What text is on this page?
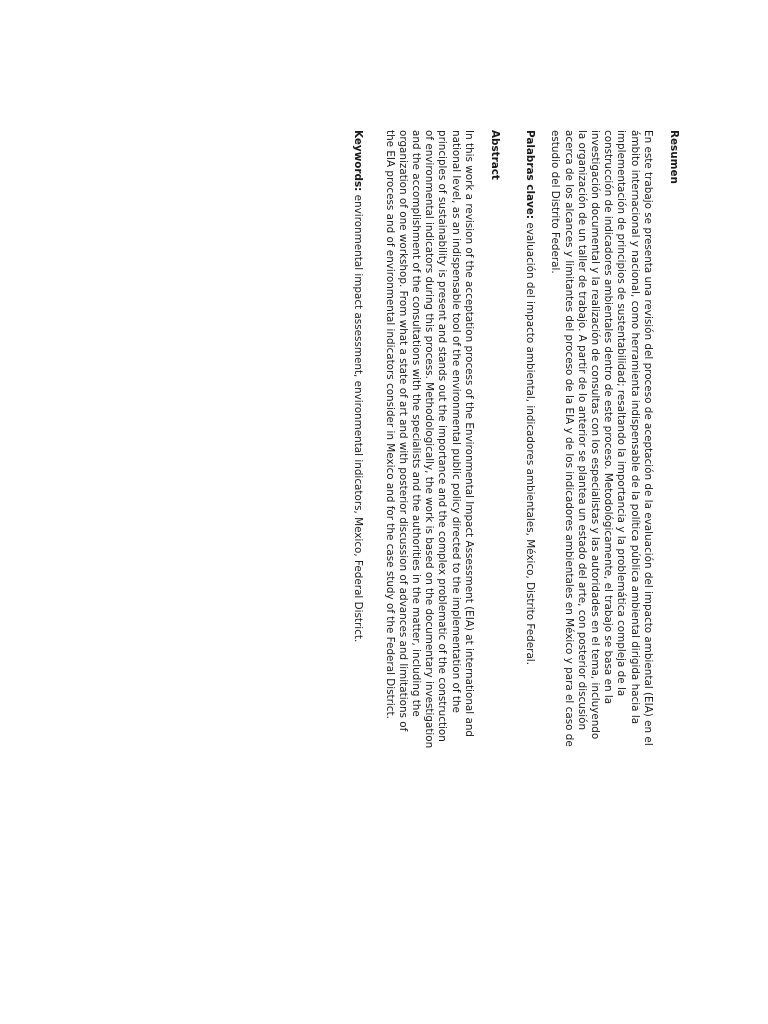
Resumen

En este trabajo se presenta una revisión del proceso de aceptación de la evaluación del impacto ambiental (EIA) en el ámbito internacional y nacional, como herramienta indispensable de la política pública ambiental dirigida hacia la implementación de principios de sustentabilidad; resaltando la importancia y la problemática compleja de la construcción de indicadores ambientales dentro de este proceso. Metodológicamente, el trabajo se basa en la investigación documental y la realización de consultas con los especialistas y las autoridades en el tema, incluyendo la organización de un taller de trabajo. A partir de lo anterior se plantea un estado del arte, con posterior discusión acerca de los alcances y limitantes del proceso de la EIA y de los indicadores ambientales en México y para el caso de estudio del Distrito Federal.

Palabras clave: evaluación del impacto ambiental, indicadores ambientales, México, Distrito Federal.

Abstract

In this work a revision of the acceptation process of the Environmental Impact Assessment (EIA) at international and national level, as an indispensable tool of the environmental public policy directed to the implementation of the principles of sustainability is present and stands out the importance and the complex problematic of the construction of environmental indicators during this process. Methodologically, the work is based on the documentary investigation and the accomplishment of the consultations with the specialists and the authorities in the matter, including the organization of one workshop. From what a state of art and with posterior discussion of advances and limitations of the EIA process and of environmental indicators consider in Mexico and for the case study of the Federal District.

Keywords: environmental impact assessment, environmental indicators, Mexico, Federal District.
